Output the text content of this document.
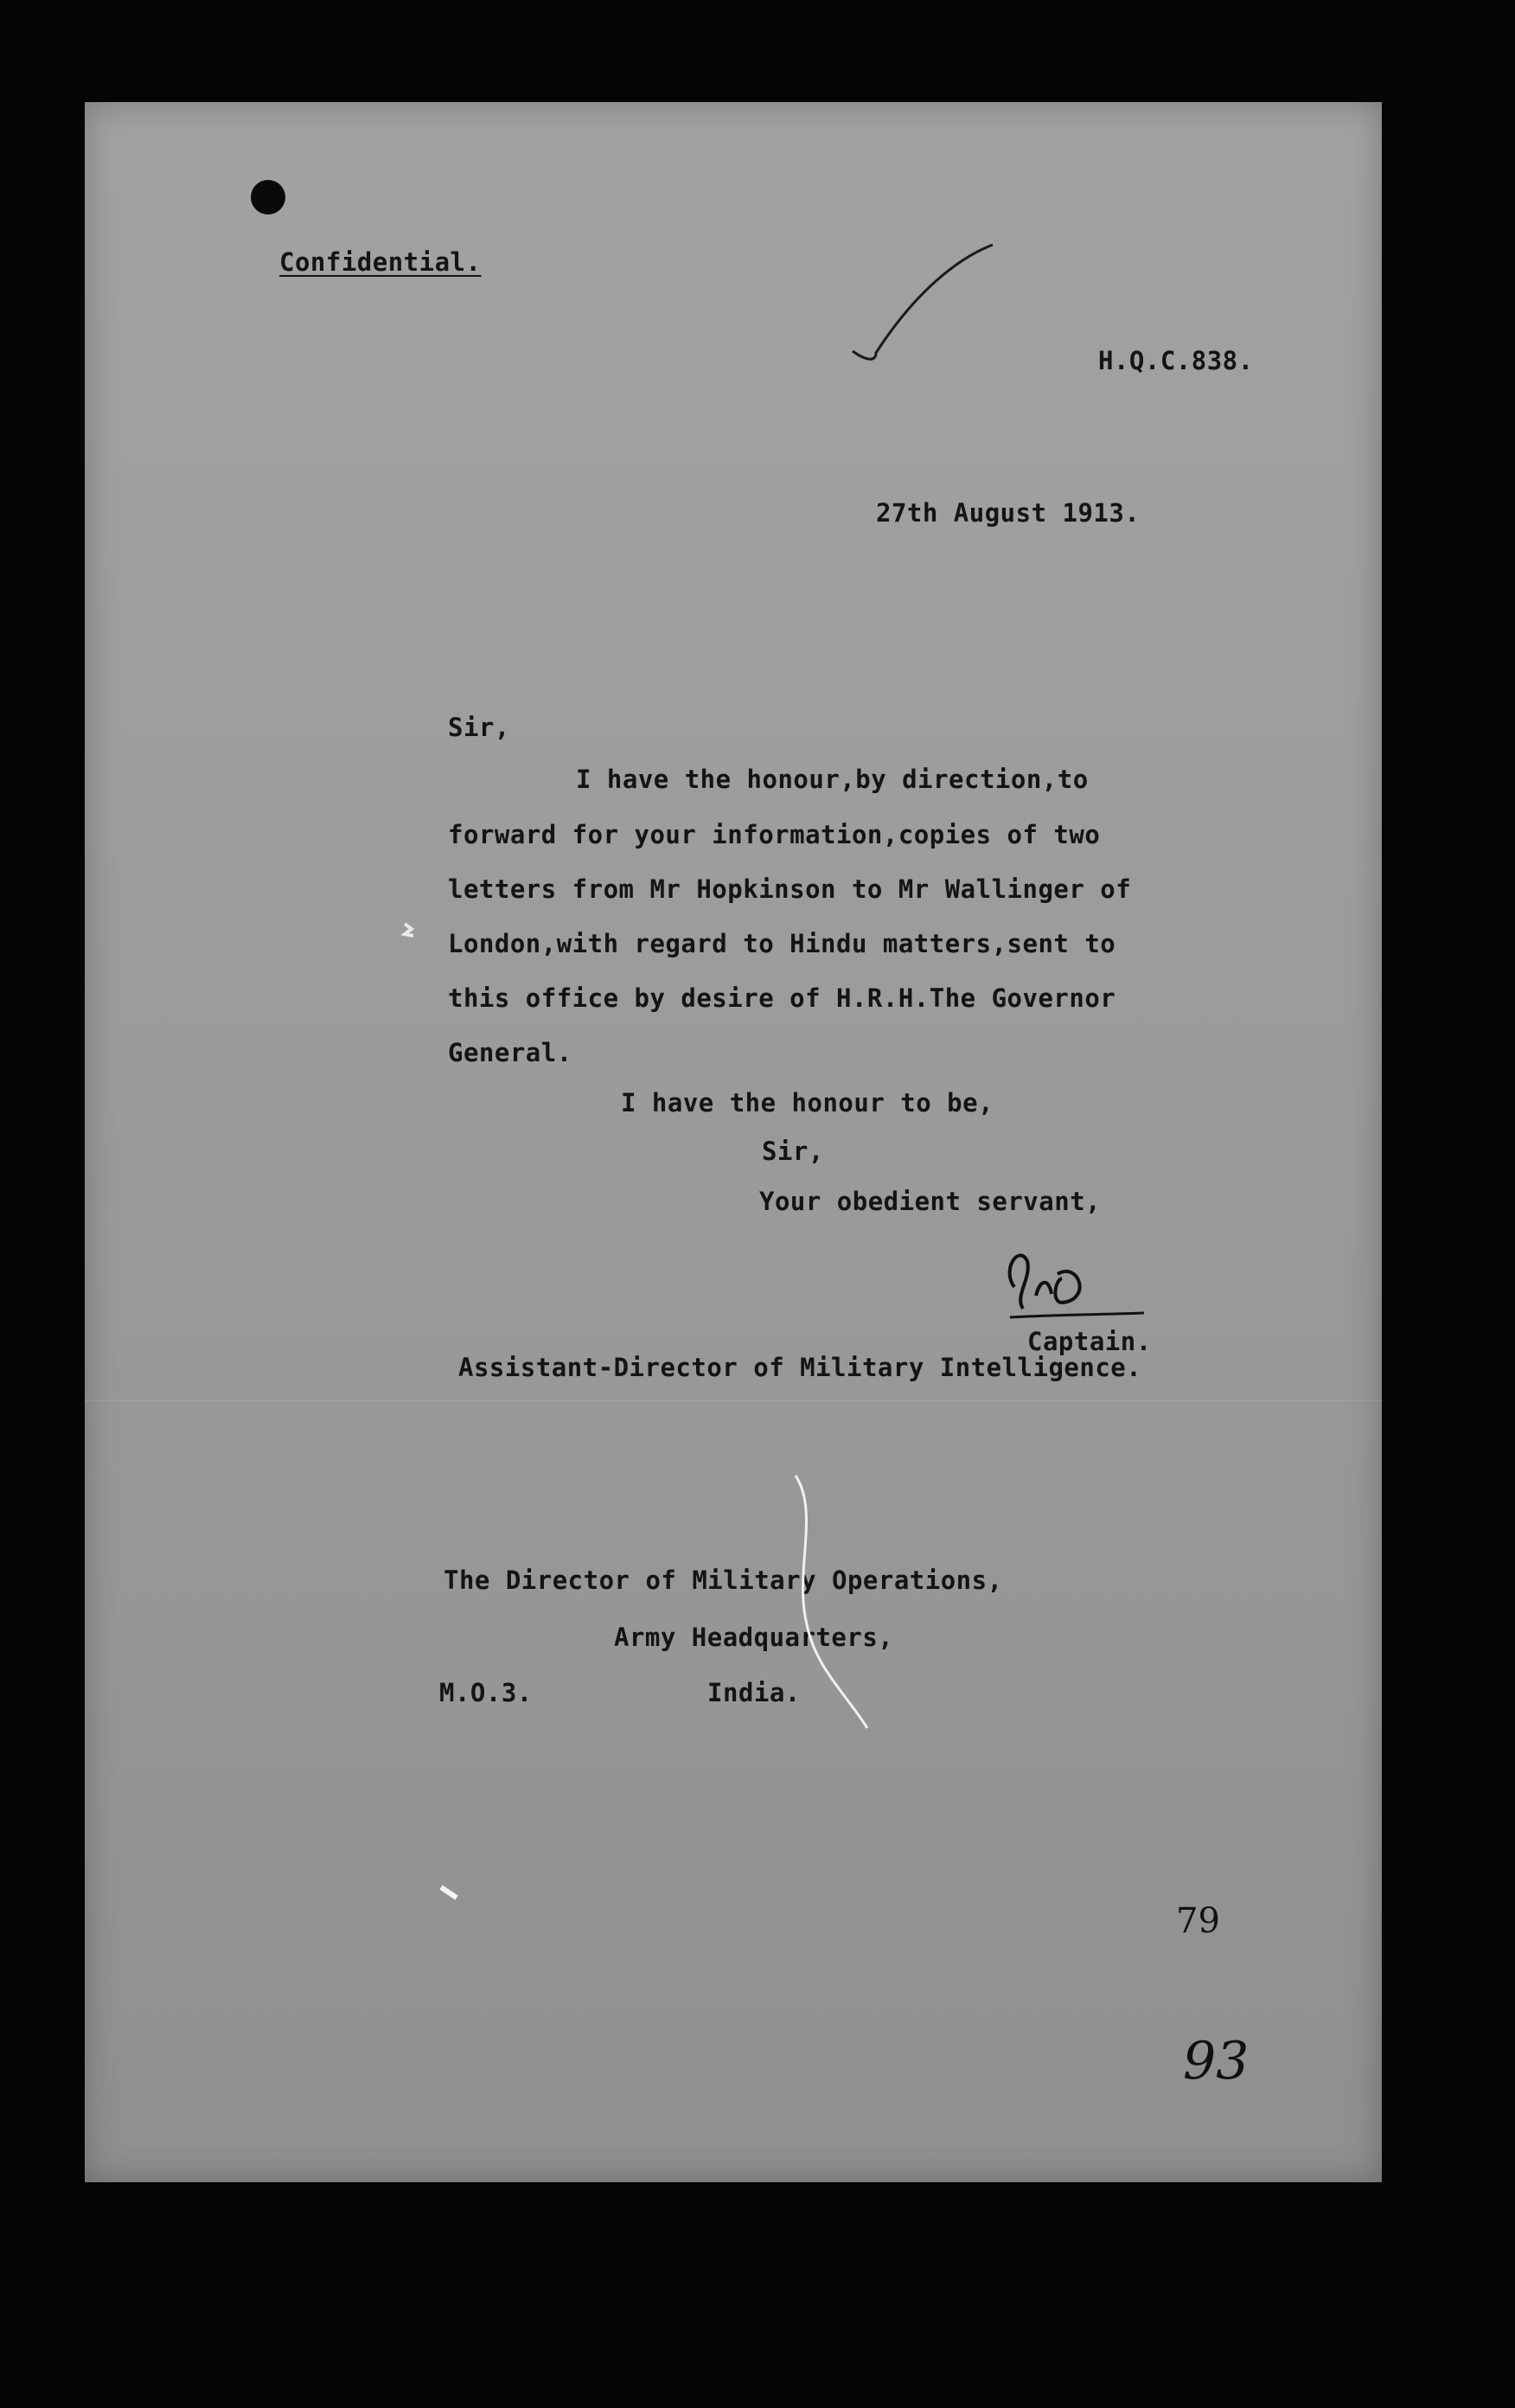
Confidential.
H.Q.C.838.
27th August 1913.
Sir,
I have the honour,by direction,to
forward for your information,copies of two
letters from Mr Hopkinson to Mr Wallinger of
London,with regard to Hindu matters,sent to
this office by desire of H.R.H.The Governor
General.
I have the honour to be,
Sir,
Your obedient servant,
Captain.
Assistant-Director of Military Intelligence.
The Director of Military Operations,
Army Headquarters,
M.O.3.	India.
79
93
